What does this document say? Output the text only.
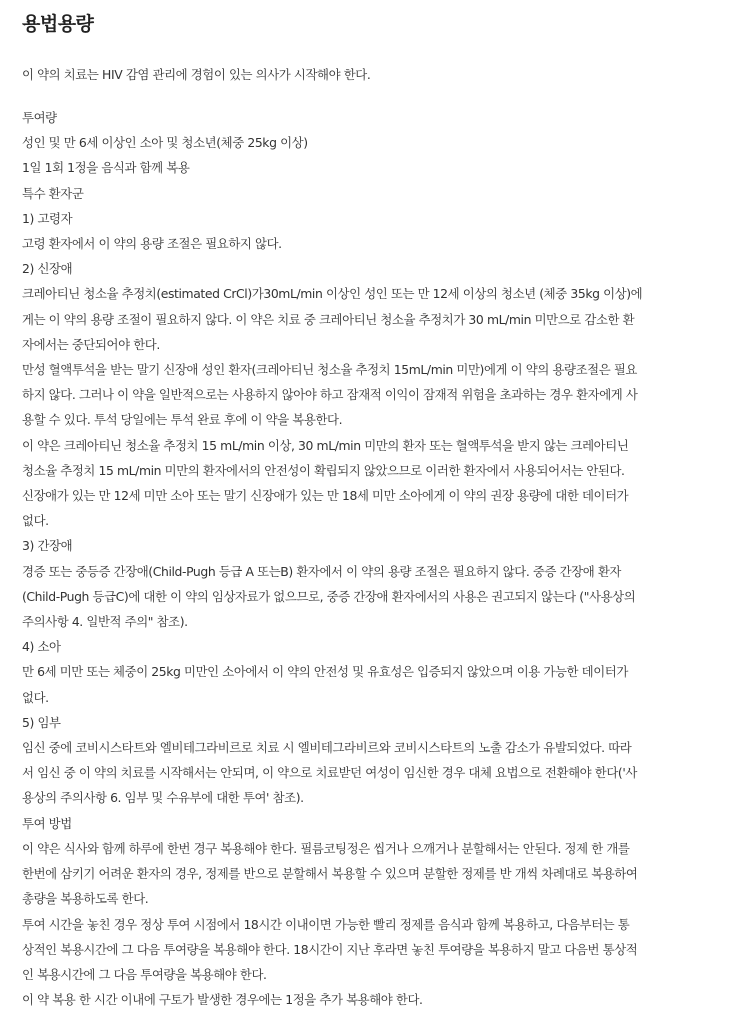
용법용량

이 약의 치료는 HIV 감염 관리에 경험이 있는 의사가 시작해야 한다.

투여량

성인 및 만 6세 이상인 소아 및 청소년(체중 25kg 이상)

1일 1회 1정을 음식과 함께 복용

특수 환자군

1) 고령자

고령 환자에서 이 약의 용량 조절은 필요하지 않다.

2) 신장애

크레아티닌 청소율 추정치(estimated CrCl)가30mL/min 이상인 성인 또는 만 12세 이상의 청소년 (체중 35kg 이상)에

게는 이 약의 용량 조절이 필요하지 않다. 이 약은 치료 중 크레아티닌 청소율 추정치가 30 mL/min 미만으로 감소한 환

자에서는 중단되어야 한다.

만성 혈액투석을 받는 말기 신장애 성인 환자(크레아티닌 청소율 추정치 15mL/min 미만)에게 이 약의 용량조절은 필요

하지 않다. 그러나 이 약을 일반적으로는 사용하지 않아야 하고 잠재적 이익이 잠재적 위험을 초과하는 경우 환자에게 사

용할 수 있다. 투석 당일에는 투석 완료 후에 이 약을 복용한다.

이 약은 크레아티닌 청소율 추정치 15 mL/min 이상, 30 mL/min 미만의 환자 또는 혈액투석을 받지 않는 크레아티닌

청소율 추정치 15 mL/min 미만의 환자에서의 안전성이 확립되지 않았으므로 이러한 환자에서 사용되어서는 안된다.

신장애가 있는 만 12세 미만 소아 또는 말기 신장애가 있는 만 18세 미만 소아에게 이 약의 권장 용량에 대한 데이터가

없다.

3) 간장애

경증 또는 중등증 간장애(Child-Pugh 등급 A 또는B) 환자에서 이 약의 용량 조절은 필요하지 않다. 중증 간장애 환자

(Child-Pugh 등급C)에 대한 이 약의 임상자료가 없으므로, 중증 간장애 환자에서의 사용은 권고되지 않는다 ("사용상의

주의사항 4. 일반적 주의" 참조).

4) 소아

만 6세 미만 또는 체중이 25kg 미만인 소아에서 이 약의 안전성 및 유효성은 입증되지 않았으며 이용 가능한 데이터가

없다.

5) 임부

임신 중에 코비시스타트와 엘비테그라비르로 치료 시 엘비테그라비르와 코비시스타트의 노출 감소가 유발되었다. 따라

서 임신 중 이 약의 치료를 시작해서는 안되며, 이 약으로 치료받던 여성이 임신한 경우 대체 요법으로 전환해야 한다('사

용상의 주의사항 6. 임부 및 수유부에 대한 투여' 참조).

투여 방법

이 약은 식사와 함께 하루에 한번 경구 복용해야 한다. 필름코팅정은 씹거나 으깨거나 분할해서는 안된다. 정제 한 개를

한번에 삼키기 어려운 환자의 경우, 정제를 반으로 분할해서 복용할 수 있으며 분할한 정제를 반 개씩 차례대로 복용하여

총량을 복용하도록 한다.

투여 시간을 놓친 경우 정상 투여 시점에서 18시간 이내이면 가능한 빨리 정제를 음식과 함께 복용하고, 다음부터는 통

상적인 복용시간에 그 다음 투여량을 복용해야 한다. 18시간이 지난 후라면 놓친 투여량을 복용하지 말고 다음번 통상적

인 복용시간에 그 다음 투여량을 복용해야 한다.

이 약 복용 한 시간 이내에 구토가 발생한 경우에는 1정을 추가 복용해야 한다.
